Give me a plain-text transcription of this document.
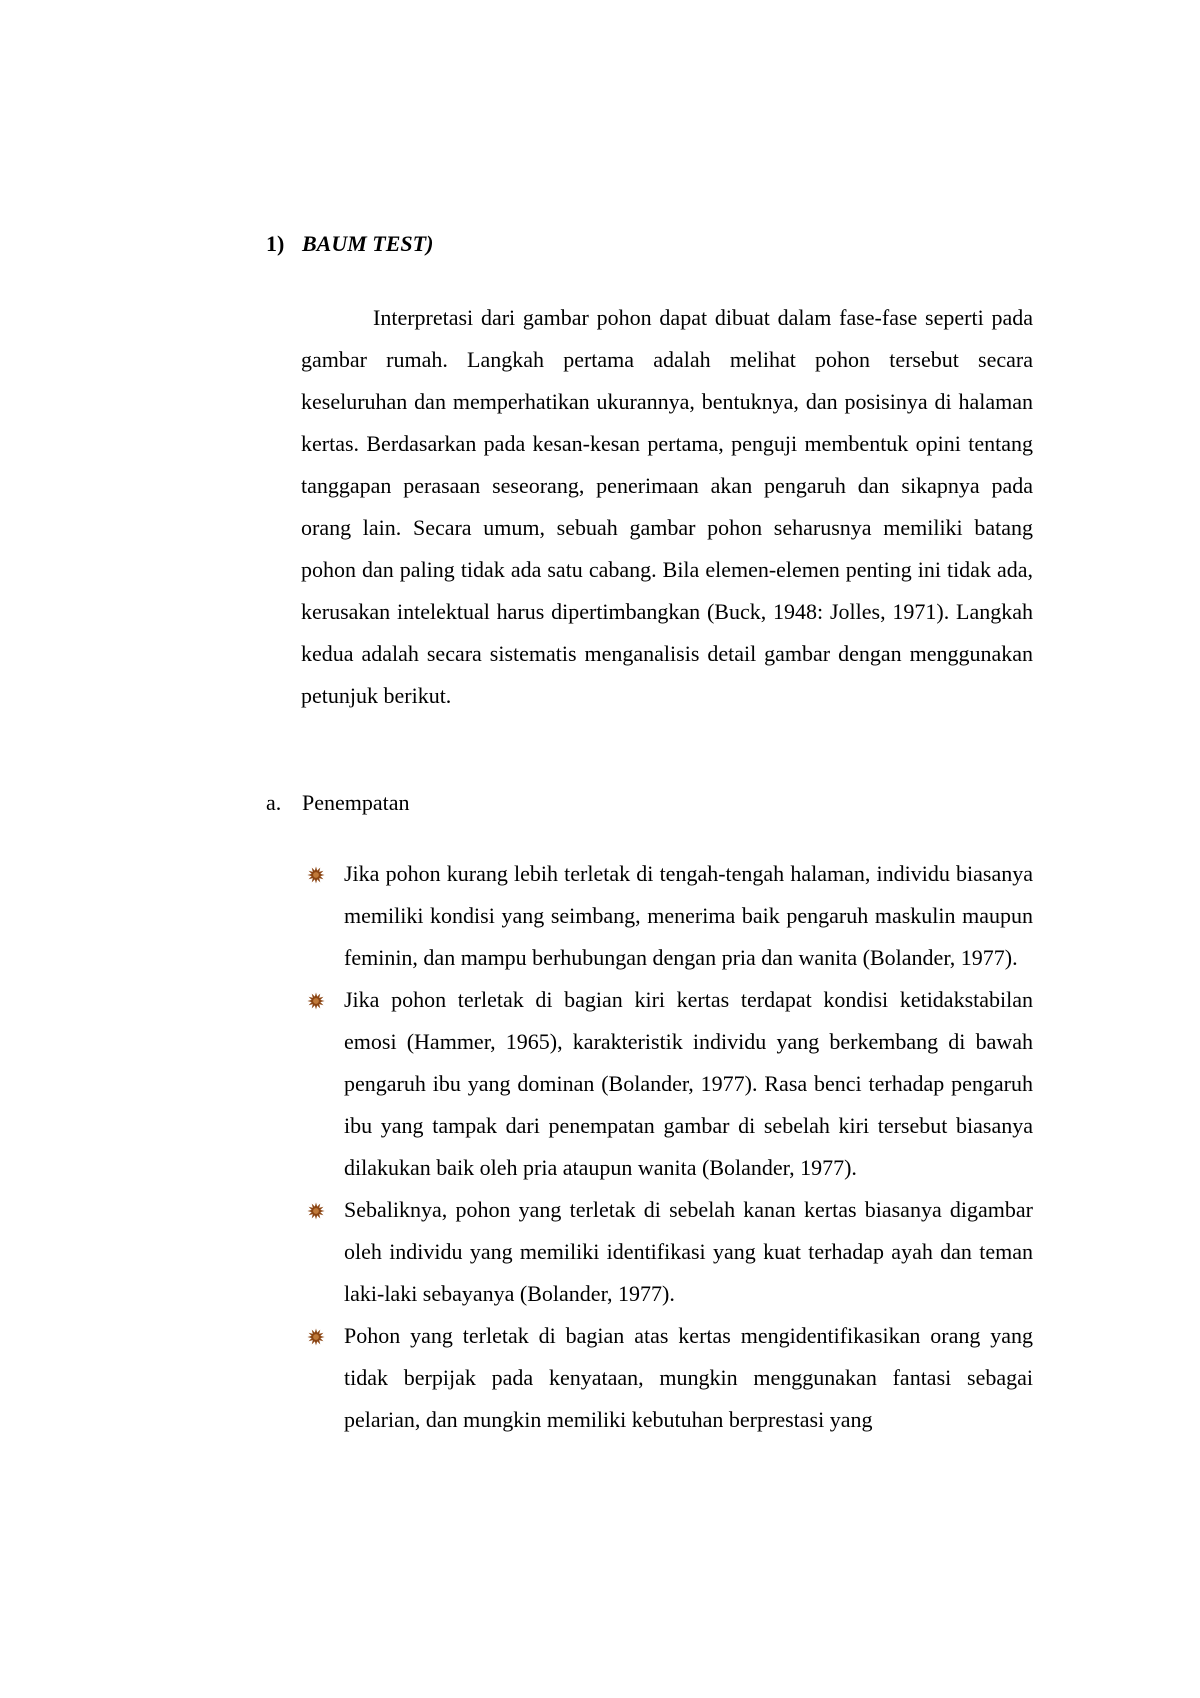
1) BAUM TEST)

Interpretasi dari gambar pohon dapat dibuat dalam fase-fase seperti pada gambar rumah. Langkah pertama adalah melihat pohon tersebut secara keseluruhan dan memperhatikan ukurannya, bentuknya, dan posisinya di halaman kertas. Berdasarkan pada kesan-kesan pertama, penguji membentuk opini tentang tanggapan perasaan seseorang, penerimaan akan pengaruh dan sikapnya pada orang lain. Secara umum, sebuah gambar pohon seharusnya memiliki batang pohon dan paling tidak ada satu cabang. Bila elemen-elemen penting ini tidak ada, kerusakan intelektual harus dipertimbangkan (Buck, 1948: Jolles, 1971). Langkah kedua adalah secara sistematis menganalisis detail gambar dengan menggunakan petunjuk berikut.

a. Penempatan
Jika pohon kurang lebih terletak di tengah-tengah halaman, individu biasanya memiliki kondisi yang seimbang, menerima baik pengaruh maskulin maupun feminin, dan mampu berhubungan dengan pria dan wanita (Bolander, 1977).
Jika pohon terletak di bagian kiri kertas terdapat kondisi ketidakstabilan emosi (Hammer, 1965), karakteristik individu yang berkembang di bawah pengaruh ibu yang dominan (Bolander, 1977). Rasa benci terhadap pengaruh ibu yang tampak dari penempatan gambar di sebelah kiri tersebut biasanya dilakukan baik oleh pria ataupun wanita (Bolander, 1977).
Sebaliknya, pohon yang terletak di sebelah kanan kertas biasanya digambar oleh individu yang memiliki identifikasi yang kuat terhadap ayah dan teman laki-laki sebayanya (Bolander, 1977).
Pohon yang terletak di bagian atas kertas mengidentifikasikan orang yang tidak berpijak pada kenyataan, mungkin menggunakan fantasi sebagai pelarian, dan mungkin memiliki kebutuhan berprestasi yang
